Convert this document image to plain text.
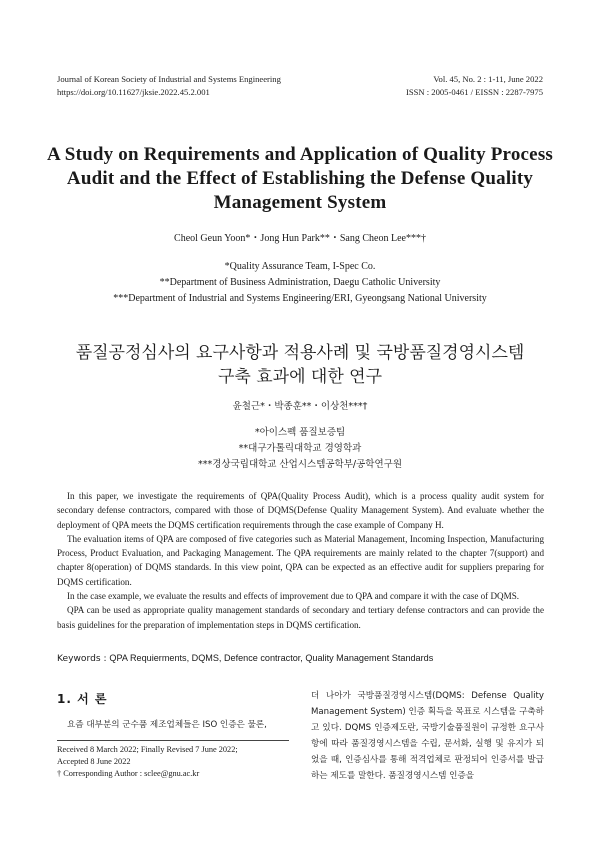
Journal of Korean Society of Industrial and Systems Engineering
https://doi.org/10.11627/jksie.2022.45.2.001
Vol. 45, No. 2 : 1-11, June 2022
ISSN : 2005-0461 / EISSN : 2287-7975
A Study on Requirements and Application of Quality Process
Audit and the Effect of Establishing the Defense Quality
Management System
Cheol Geun Yoon*・Jong Hun Park**・Sang Cheon Lee***†
*Quality Assurance Team, I-Spec Co.
**Department of Business Administration, Daegu Catholic University
***Department of Industrial and Systems Engineering/ERI, Gyeongsang National University
품질공정심사의 요구사항과 적용사례 및 국방품질경영시스템
구축 효과에 대한 연구
윤철근*・박종훈**・이상천***†
*아이스펙 품질보증팀
**대구가톨릭대학교 경영학과
***경상국립대학교 산업시스템공학부/공학연구원

In this paper, we investigate the requirements of QPA(Quality Process Audit), which is a process quality audit system for secondary defense contractors, compared with those of DQMS(Defense Quality Management System). And evaluate whether the deployment of QPA meets the DQMS certification requirements through the case example of Company H.

The evaluation items of QPA are composed of five categories such as Material Management, Incoming Inspection, Manufacturing Process, Product Evaluation, and Packaging Management. The QPA requirements are mainly related to the chapter 7(support) and chapter 8(operation) of DQMS standards. In this view point, QPA can be expected as an effective audit for suppliers preparing for DQMS certification.

In the case example, we evaluate the results and effects of improvement due to QPA and compare it with the case of DQMS.

QPA can be used as appropriate quality management standards of secondary and tertiary defense contractors and can provide the basis guidelines for the preparation of implementation steps in DQMS certification.

Keywords : QPA Requierments, DQMS, Defence contractor, Quality Management Standards
1. 서 론
요즘 대부분의 군수품 제조업체들은 ISO 인증은 물론,
Received 8 March 2022; Finally Revised 7 June 2022;
Accepted 8 June 2022
† Corresponding Author : sclee@gnu.ac.kr

더 나아가 국방품질경영시스템(DQMS: Defense Quality Management System) 인증 획득을 목표로 시스템을 구축하고 있다. DQMS 인증제도란, 국방기술품질원이 규정한 요구사항에 따라 품질경영시스템을 수립, 문서화, 실행 및 유지가 되었을 때, 인증심사를 통해 적격업체로 판정되어 인증서를 발급하는 제도를 말한다. 품질경영시스템 인증을
